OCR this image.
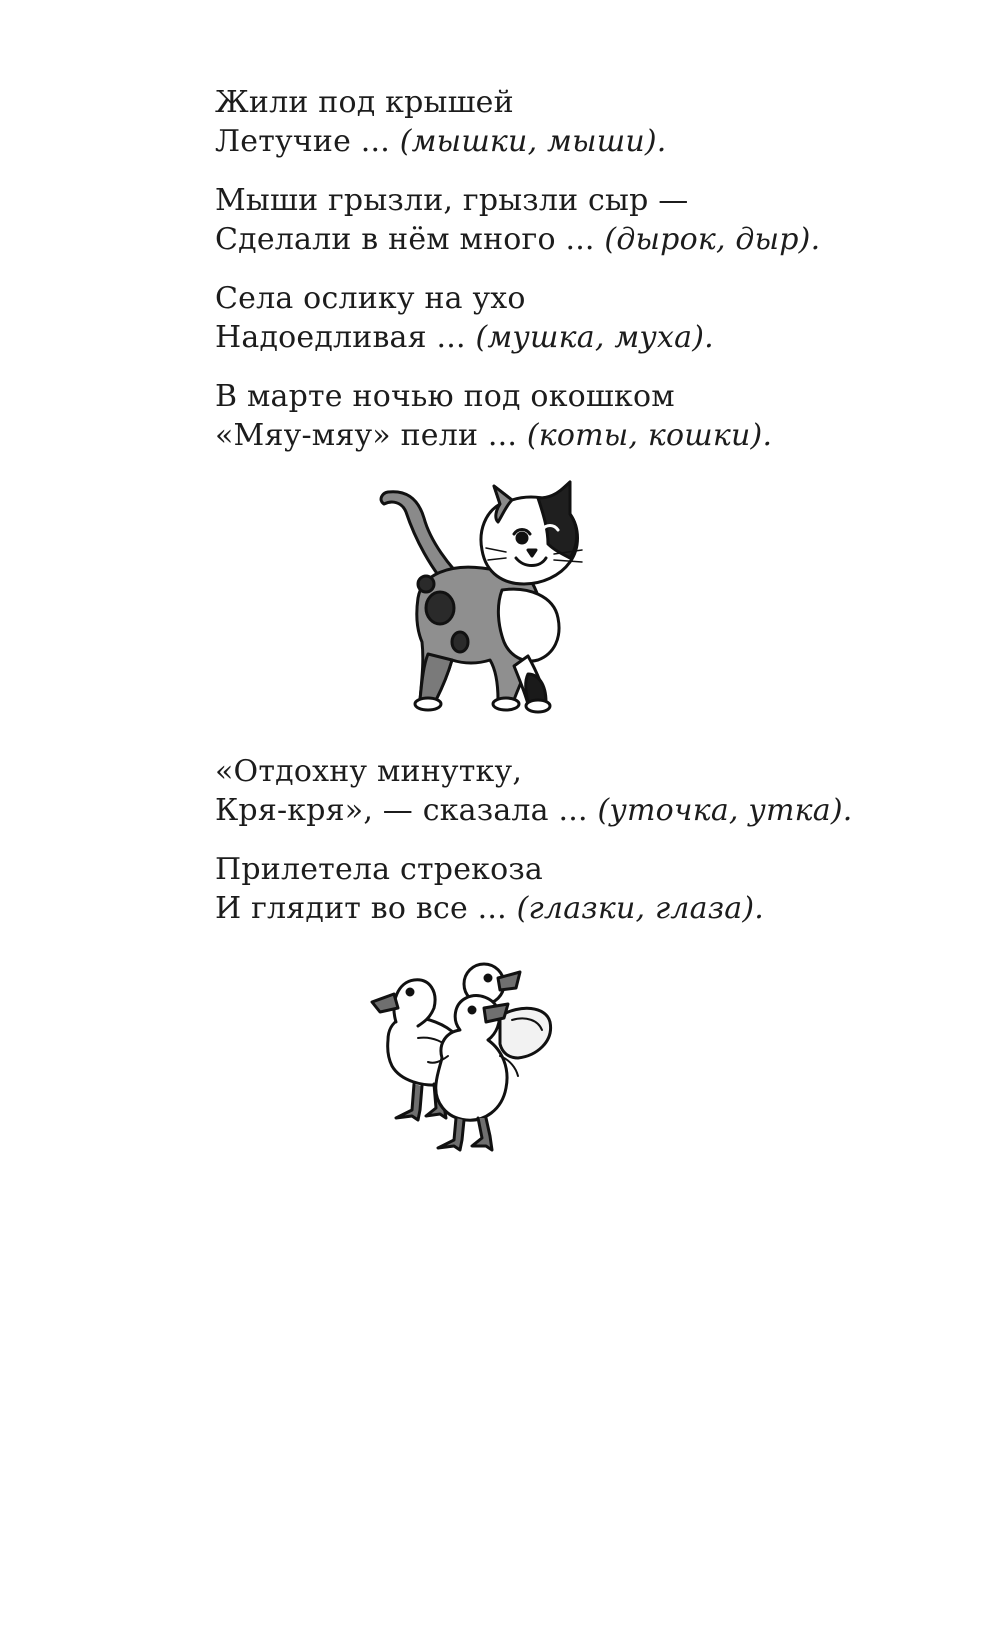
Жили под крышей
Летучие ... (мышки, мыши).
Мыши грызли, грызли сыр —
Сделали в нём много ... (дырок, дыр).
Села ослику на ухо
Надоедливая ... (мушка, муха).
В марте ночью под окошком
«Мяу-мяу» пели ... (коты, кошки).
«Отдохну минутку,
Кря-кря», — сказала ... (уточка, утка).
Прилетела стрекоза
И глядит во все ... (глазки, глаза).
